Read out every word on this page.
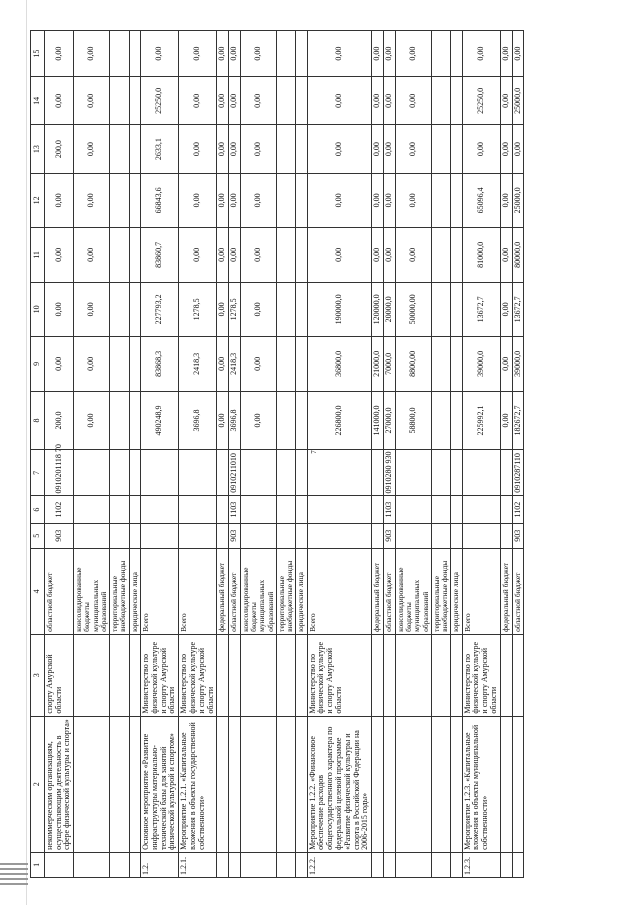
7
1	2	3	4	5	6	7	8	9	10	11	12	13	14	15
	некоммерческим организациям, осуществляющим деятельность в сфере физической культуры и спорта»	спорту Амурской области	областной бюджет	903	1102	0910201118 70	200,0	0,00	0,00	0,00	0,00	200,0	0,00	0,00
			консолидированные бюджеты муниципальных образований				0,00	0,00	0,00	0,00	0,00	0,00	0,00	0,00
			территориальные внебюджетные фонды											
			юридические лица											
1.2.	Основное мероприятие «Развитие инфраструктуры материально-технической базы для занятий физической культурой и спортом»	Министерство по физической культуре и спорту Амурской области	Всего				490248,9	83868,3	227793,2	83860,7	66843,6	2633,1	25250,0	0,00
1.2.1.	Мероприятие 1.2.1. «Капитальные вложения в объекты государственной собственности»	Министерство по физической культуре и спорту Амурской области	Всего				3696,8	2418,3	1278,5	0,00	0,00	0,00	0,00	0,00
			федеральный бюджет				0,00	0,00	0,00	0,00	0,00	0,00	0,00	0,00
			областной бюджет	903	1103	0910211010	3696,8	2418,3	1278,5	0,00	0,00	0,00	0,00	0,00
			консолидированные бюджеты муниципальных образований				0,00	0,00	0,00	0,00	0,00	0,00	0,00	0,00
			территориальные внебюджетные фонды											
			юридические лица											
1.2.2.	Мероприятие 1.2.2. «Финансовое обеспечение расходов общегосударственного характера по федеральной целевой программе «Развитие физической культуры и спорта в Российской Федерации на 2006-2015 годы»	Министерство по физической культуре и спорту Амурской области	Всего				226800,0	36800,0	190000,0	0,00	0,00	0,00	0,00	0,00
			федеральный бюджет				141000,0	21000,0	120000,0	0,00	0,00	0,00	0,00	0,00
			областной бюджет	903	1103	0910280 930	27000,0	7000,0	20000,0	0,00	0,00	0,00	0,00	0,00
			консолидированные бюджеты муниципальных образований				58800,0	8800,00	50000,00	0,00	0,00	0,00	0,00	0,00
			территориальные внебюджетные фонды											
			юридические лица											
1.2.3.	Мероприятие 1.2.3. «Капитальные вложения в объекты муниципальной собственности»	Министерство по физической культуре и спорту Амурской области	Всего				225992,1	39000,0	13672,7	81000,0	65096,4	0,00	25250,0	0,00
			федеральный бюджет				0,00	0,00	0,00	0,00	0,00	0,00	0,00	0,00
			областной бюджет	903	1102	0910287110	182672,7	39000,0	13672,7	80000,0	25000,0	0,00	25000,0	0,00
